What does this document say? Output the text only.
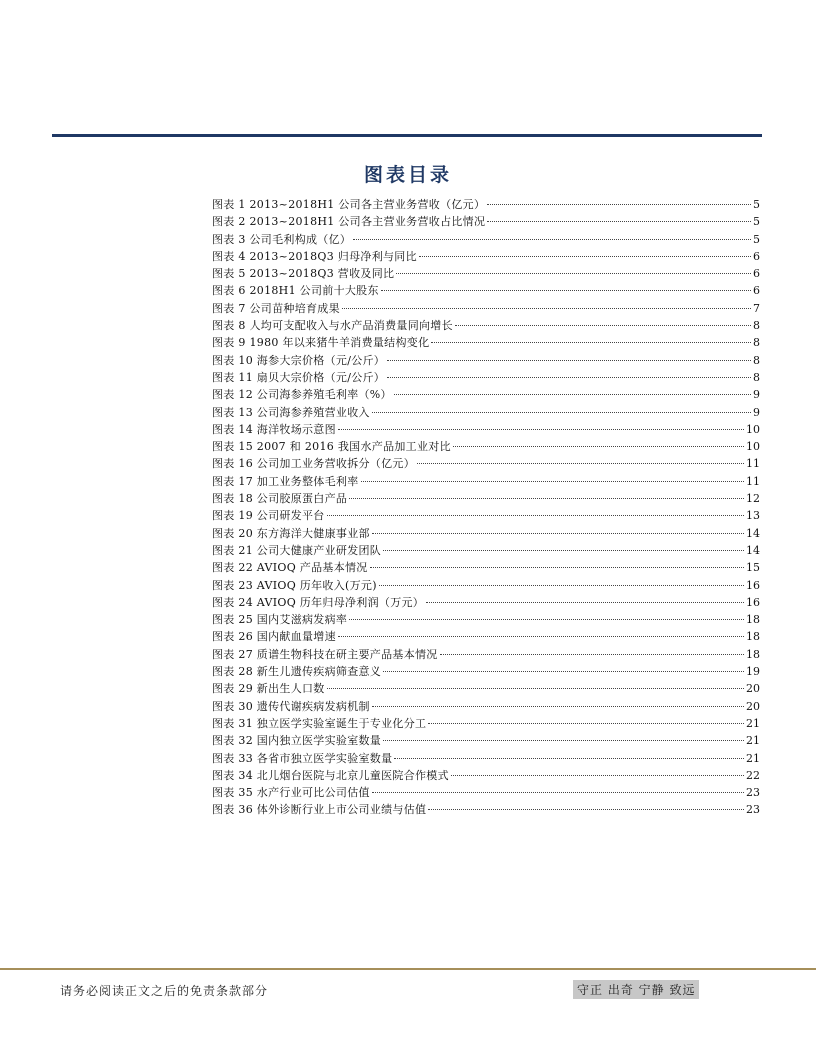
图表目录
图表 1 2013~2018H1 公司各主营业务营收（亿元）	5
图表 2 2013~2018H1 公司各主营业务营收占比情况	5
图表 3 公司毛利构成（亿）	5
图表 4 2013~2018Q3 归母净利与同比	6
图表 5 2013~2018Q3 营收及同比	6
图表 6 2018H1 公司前十大股东	6
图表 7 公司苗种培育成果	7
图表 8 人均可支配收入与水产品消费量同向增长	8
图表 9 1980 年以来猪牛羊消费量结构变化	8
图表 10 海参大宗价格（元/公斤）	8
图表 11 扇贝大宗价格（元/公斤）	8
图表 12 公司海参养殖毛利率（%）	9
图表 13 公司海参养殖营业收入	9
图表 14 海洋牧场示意图	10
图表 15 2007 和 2016 我国水产品加工业对比	10
图表 16 公司加工业务营收拆分（亿元）	11
图表 17 加工业务整体毛利率	11
图表 18 公司胶原蛋白产品	12
图表 19 公司研发平台	13
图表 20 东方海洋大健康事业部	14
图表 21 公司大健康产业研发团队	14
图表 22 AVIOQ 产品基本情况	15
图表 23 AVIOQ 历年收入(万元)	16
图表 24 AVIOQ 历年归母净利润（万元）	16
图表 25 国内艾滋病发病率	18
图表 26 国内献血量增速	18
图表 27 质谱生物科技在研主要产品基本情况	18
图表 28 新生儿遗传疾病筛查意义	19
图表 29 新出生人口数	20
图表 30 遗传代谢疾病发病机制	20
图表 31 独立医学实验室诞生于专业化分工	21
图表 32 国内独立医学实验室数量	21
图表 33 各省市独立医学实验室数量	21
图表 34 北儿烟台医院与北京儿童医院合作模式	22
图表 35 水产行业可比公司估值	23
图表 36 体外诊断行业上市公司业绩与估值	23
请务必阅读正文之后的免责条款部分	守正 出奇 宁静 致远
